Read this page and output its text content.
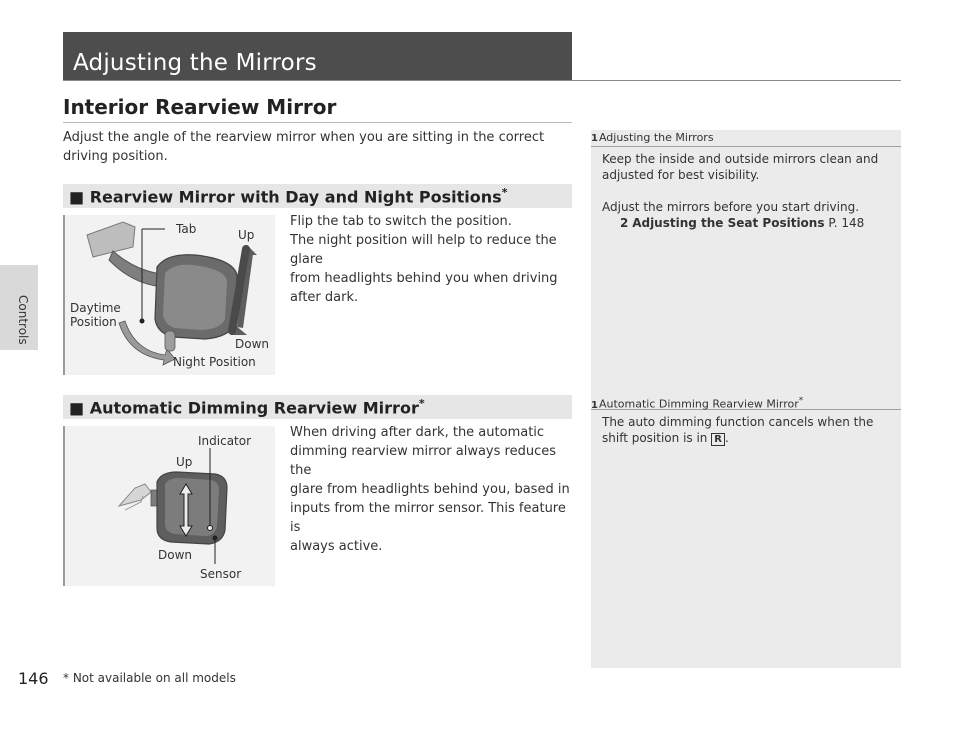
Controls
Adjusting the Mirrors
Interior Rearview Mirror
Adjust the angle of the rearview mirror when you are sitting in the correct driving position.
■ Rearview Mirror with Day and Night Positions*
Tab	Up
Daytime
Position
Down
Night Position

Flip the tab to switch the position.

The night position will help to reduce the glare

from headlights behind you when driving

after dark.

■ Automatic Dimming Rearview Mirror*
Indicator
Up
Down
Sensor

When driving after dark, the automatic

dimming rearview mirror always reduces the

glare from headlights behind you, based in

inputs from the mirror sensor. This feature is

always active.

1Adjusting the Mirrors

Keep the inside and outside mirrors clean and adjusted for best visibility.

Adjust the mirrors before you start driving.

2 Adjusting the Seat Positions P. 148

1Automatic Dimming Rearview Mirror*

The auto dimming function cancels when the shift position is in R .

146 * Not available on all models
